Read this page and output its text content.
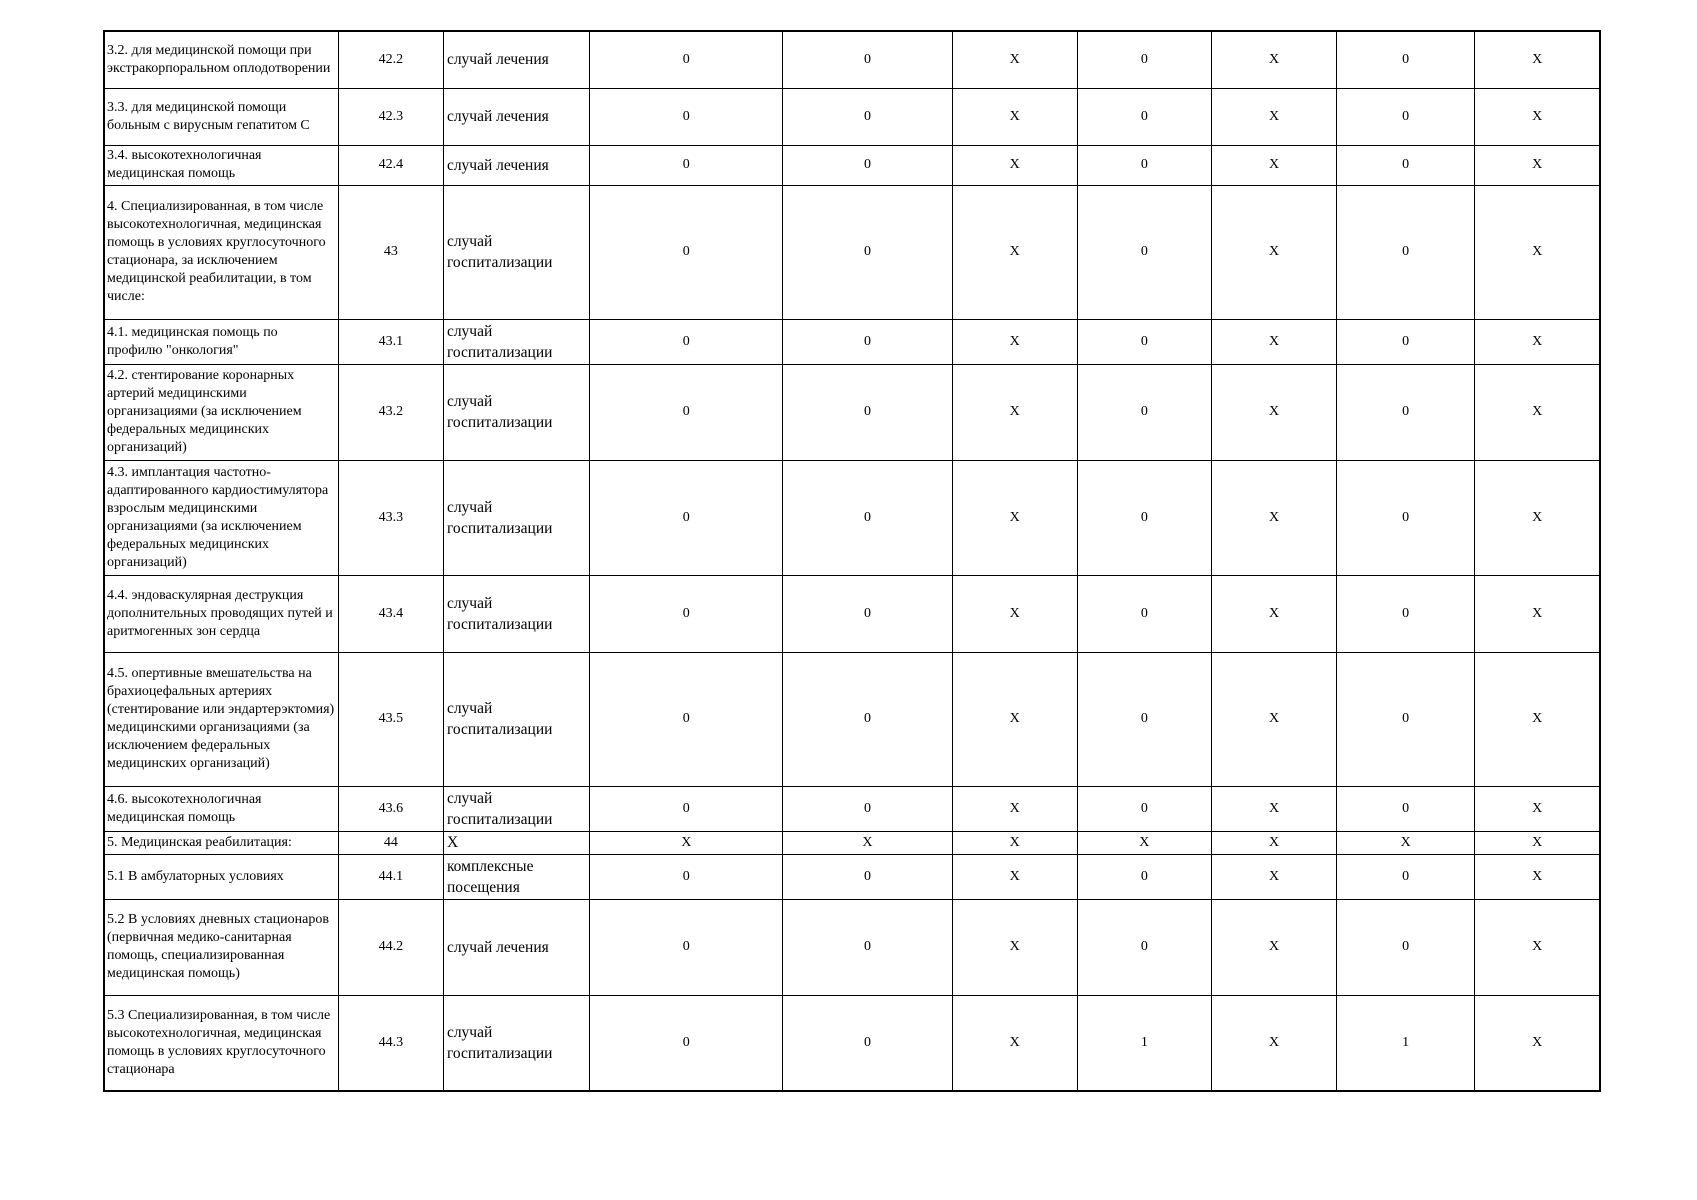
3.2. для медицинской помощи при экстракорпоральном оплодотворении	42.2	случай лечения	0	0	X	0	X	0	X
3.3. для медицинской помощи больным с вирусным гепатитом С	42.3	случай лечения	0	0	X	0	X	0	X
3.4. высокотехнологичная медицинская помощь	42.4	случай лечения	0	0	X	0	X	0	X
4. Специализированная, в том числе высокотехнологичная, медицинская помощь в условиях круглосуточного стационара, за исключением медицинской реабилитации, в том числе:	43	случай госпитализации	0	0	X	0	X	0	X
4.1. медицинская помощь по профилю "онкология"	43.1	случай госпитализации	0	0	X	0	X	0	X
4.2. стентирование коронарных артерий медицинскими организациями (за исключением федеральных медицинских организаций)	43.2	случай госпитализации	0	0	X	0	X	0	X
4.3. имплантация частотно-адаптированного кардиостимулятора взрослым медицинскими организациями (за исключением федеральных медицинских организаций)	43.3	случай госпитализации	0	0	X	0	X	0	X
4.4. эндоваскулярная деструкция дополнительных проводящих путей и аритмогенных зон сердца	43.4	случай госпитализации	0	0	X	0	X	0	X
4.5. опертивные вмешательства на брахиоцефальных артериях (стентирование или эндартерэктомия) медицинскими организациями (за исключением федеральных медицинских организаций)	43.5	случай госпитализации	0	0	X	0	X	0	X
4.6. высокотехнологичная медицинская помощь	43.6	случай госпитализации	0	0	X	0	X	0	X
5. Медицинская реабилитация:	44	X	X	X	X	X	X	X	X
5.1 В амбулаторных условиях	44.1	комплексные посещения	0	0	X	0	X	0	X
5.2 В условиях дневных стационаров (первичная медико-санитарная помощь, специализированная медицинская помощь)	44.2	случай лечения	0	0	X	0	X	0	X
5.3 Специализированная, в том числе высокотехнологичная, медицинская помощь в условиях круглосуточного стационара	44.3	случай госпитализации	0	0	X	1	X	1	X
